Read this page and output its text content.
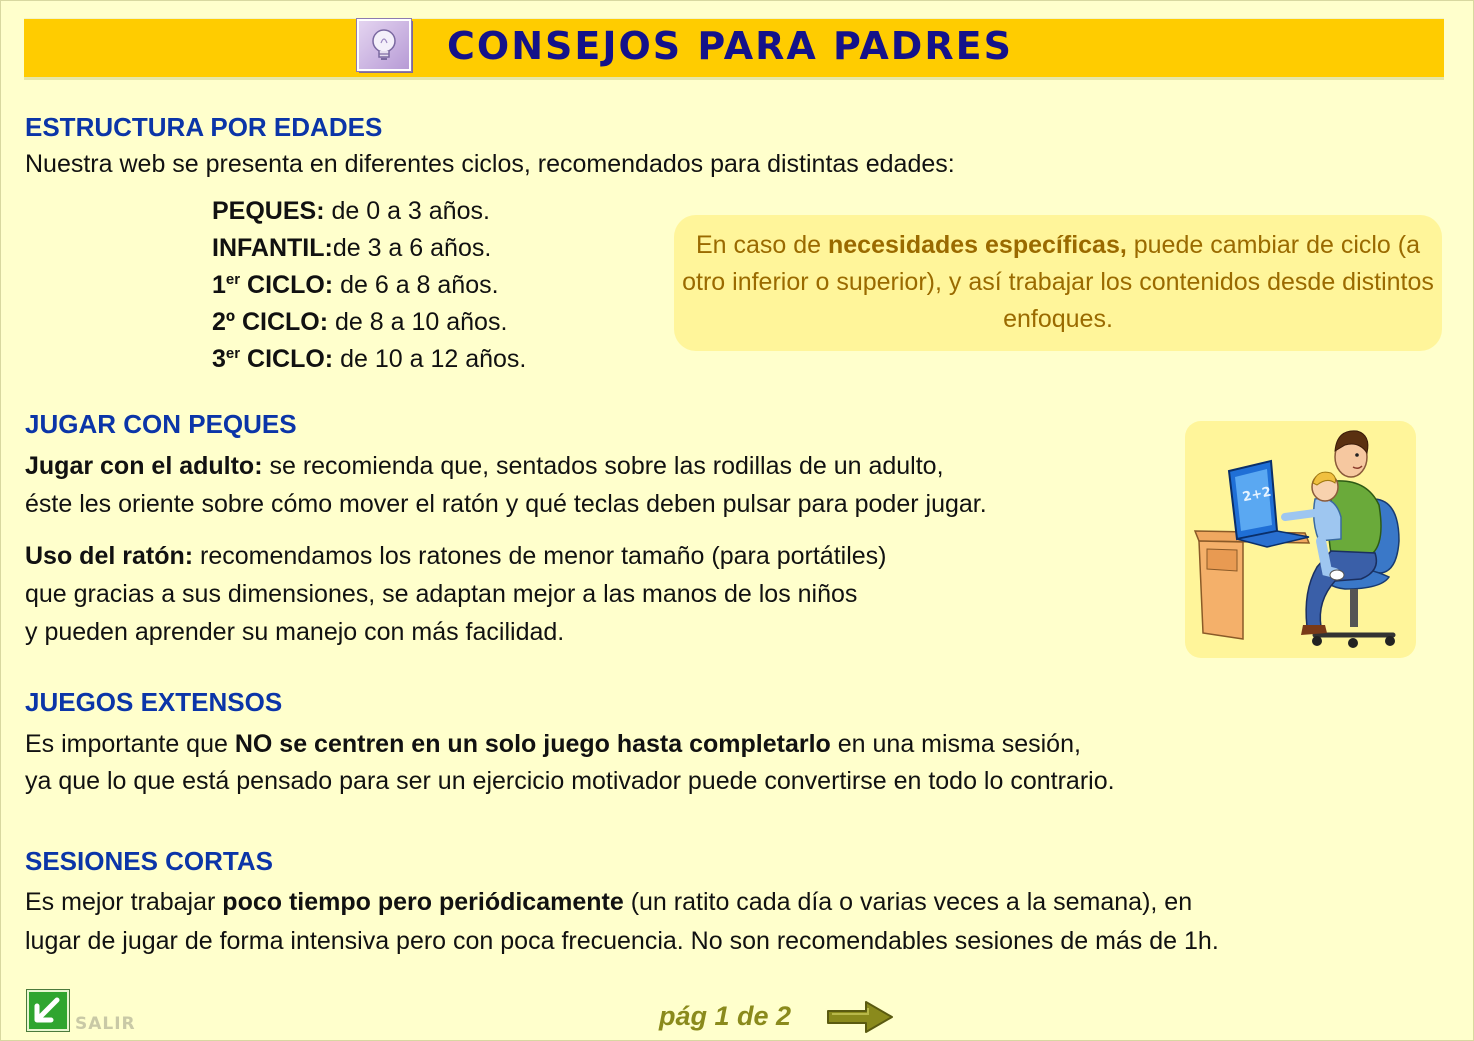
CONSEJOS PARA PADRES
ESTRUCTURA POR EDADES
Nuestra web se presenta en diferentes ciclos, recomendados para distintas edades:
PEQUES: de 0 a 3 años.
INFANTIL:de 3 a 6 años.
1er CICLO: de 6 a 8 años.
2º CICLO: de 8 a 10 años.
3er CICLO: de 10 a 12 años.
En caso de necesidades específicas, puede cambiar de ciclo (a otro inferior o superior), y así trabajar los contenidos desde distintos enfoques.
JUGAR CON PEQUES
Jugar con el adulto: se recomienda que, sentados sobre las rodillas de un adulto,
éste les oriente sobre cómo mover el ratón y qué teclas deben pulsar para poder jugar.
Uso del ratón: recomendamos los ratones de menor tamaño (para portátiles)
que gracias a sus dimensiones, se adaptan mejor a las manos de los niños
y pueden aprender su manejo con más facilidad.
2+2
JUEGOS EXTENSOS
Es importante que NO se centren en un solo juego hasta completarlo en una misma sesión,
ya que lo que está pensado para ser un ejercicio motivador puede convertirse en todo lo contrario.
SESIONES CORTAS
Es mejor trabajar poco tiempo pero periódicamente (un ratito cada día o varias veces a la semana), en
lugar de jugar de forma intensiva pero con poca frecuencia. No son recomendables sesiones de más de 1h.
SALIR	pág 1 de 2
